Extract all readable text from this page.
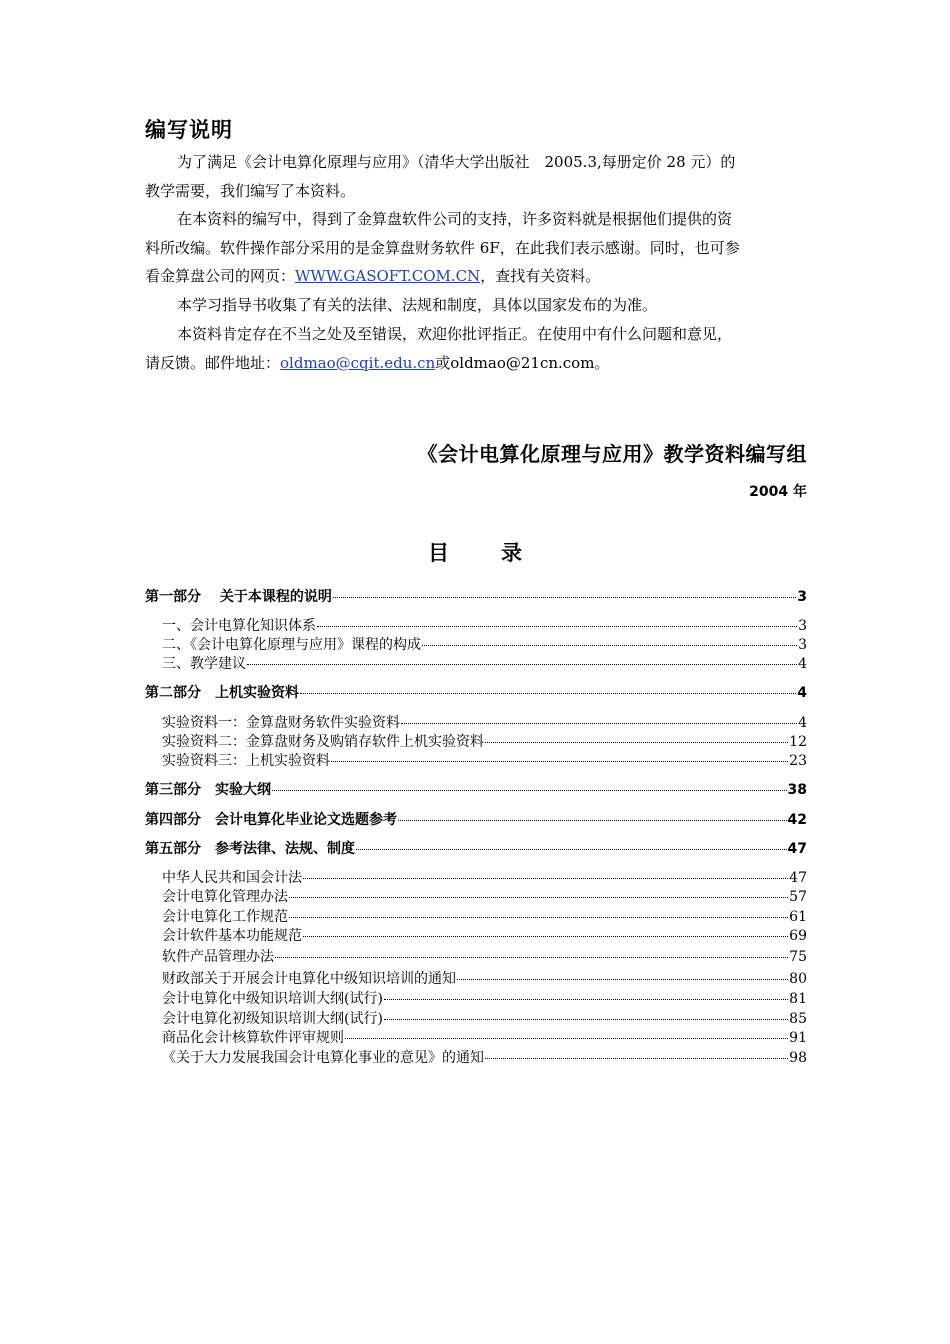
编写说明
为了满足《会计电算化原理与应用》（清华大学出版社　2005.3,每册定价 28 元）的
教学需要，我们编写了本资料。
在本资料的编写中，得到了金算盘软件公司的支持，许多资料就是根据他们提供的资
料所改编。软件操作部分采用的是金算盘财务软件 6F，在此我们表示感谢。同时，也可参
看金算盘公司的网页：WWW.GASOFT.COM.CN，查找有关资料。
本学习指导书收集了有关的法律、法规和制度，具体以国家发布的为准。
本资料肯定存在不当之处及至错误，欢迎你批评指正。在使用中有什么问题和意见，
请反馈。邮件地址：oldmao@cqit.edu.cn或oldmao@21cn.com。
《会计电算化原理与应用》教学资料编写组
2004 年
目 录
第一部分　 关于本课程的说明	3
一、会计电算化知识体系	3
二、《会计电算化原理与应用》课程的构成	3
三、教学建议	4
第二部分　上机实验资料	4
实验资料一：金算盘财务软件实验资料	4
实验资料二：金算盘财务及购销存软件上机实验资料	12
实验资料三：上机实验资料	23
第三部分　实验大纲	38
第四部分　会计电算化毕业论文选题参考	42
第五部分　参考法律、法规、制度	47
中华人民共和国会计法	47
会计电算化管理办法	57
会计电算化工作规范	61
会计软件基本功能规范	69
软件产品管理办法	75
财政部关于开展会计电算化中级知识培训的通知	80
会计电算化中级知识培训大纲(试行)	81
会计电算化初级知识培训大纲(试行)	85
商品化会计核算软件评审规则	91
《关于大力发展我国会计电算化事业的意见》的通知	98
